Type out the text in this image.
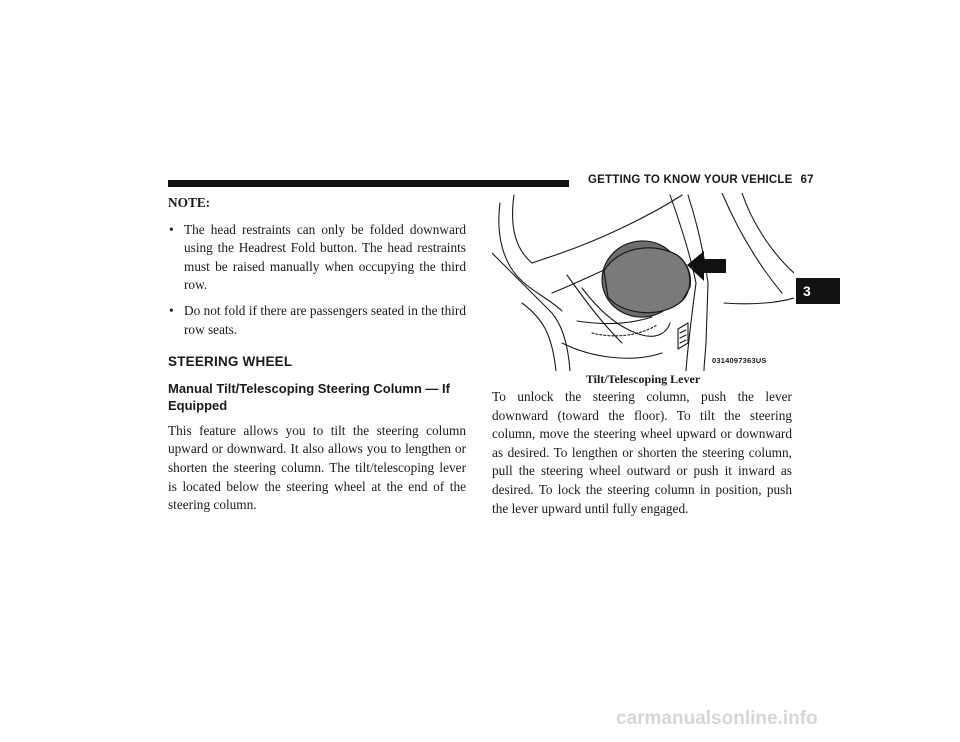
GETTING TO KNOW YOUR VEHICLE 67
3

NOTE:

• The head restraints can only be folded downward using the Headrest Fold button. The head restraints must be raised manually when occupying the third row.

• Do not fold if there are passengers seated in the third row seats.

STEERING WHEEL
Manual Tilt/Telescoping Steering Column — If Equipped

This feature allows you to tilt the steering column upward or downward. It also allows you to lengthen or shorten the steering column. The tilt/telescoping lever is located below the steering wheel at the end of the steering column.

0314097363US
Tilt/Telescoping Lever

To unlock the steering column, push the lever downward (toward the floor). To tilt the steering column, move the steering wheel upward or downward as desired. To lengthen or shorten the steering column, pull the steering wheel outward or push it inward as desired. To lock the steering column in position, push the lever upward until fully engaged.

carmanualsonline.info
